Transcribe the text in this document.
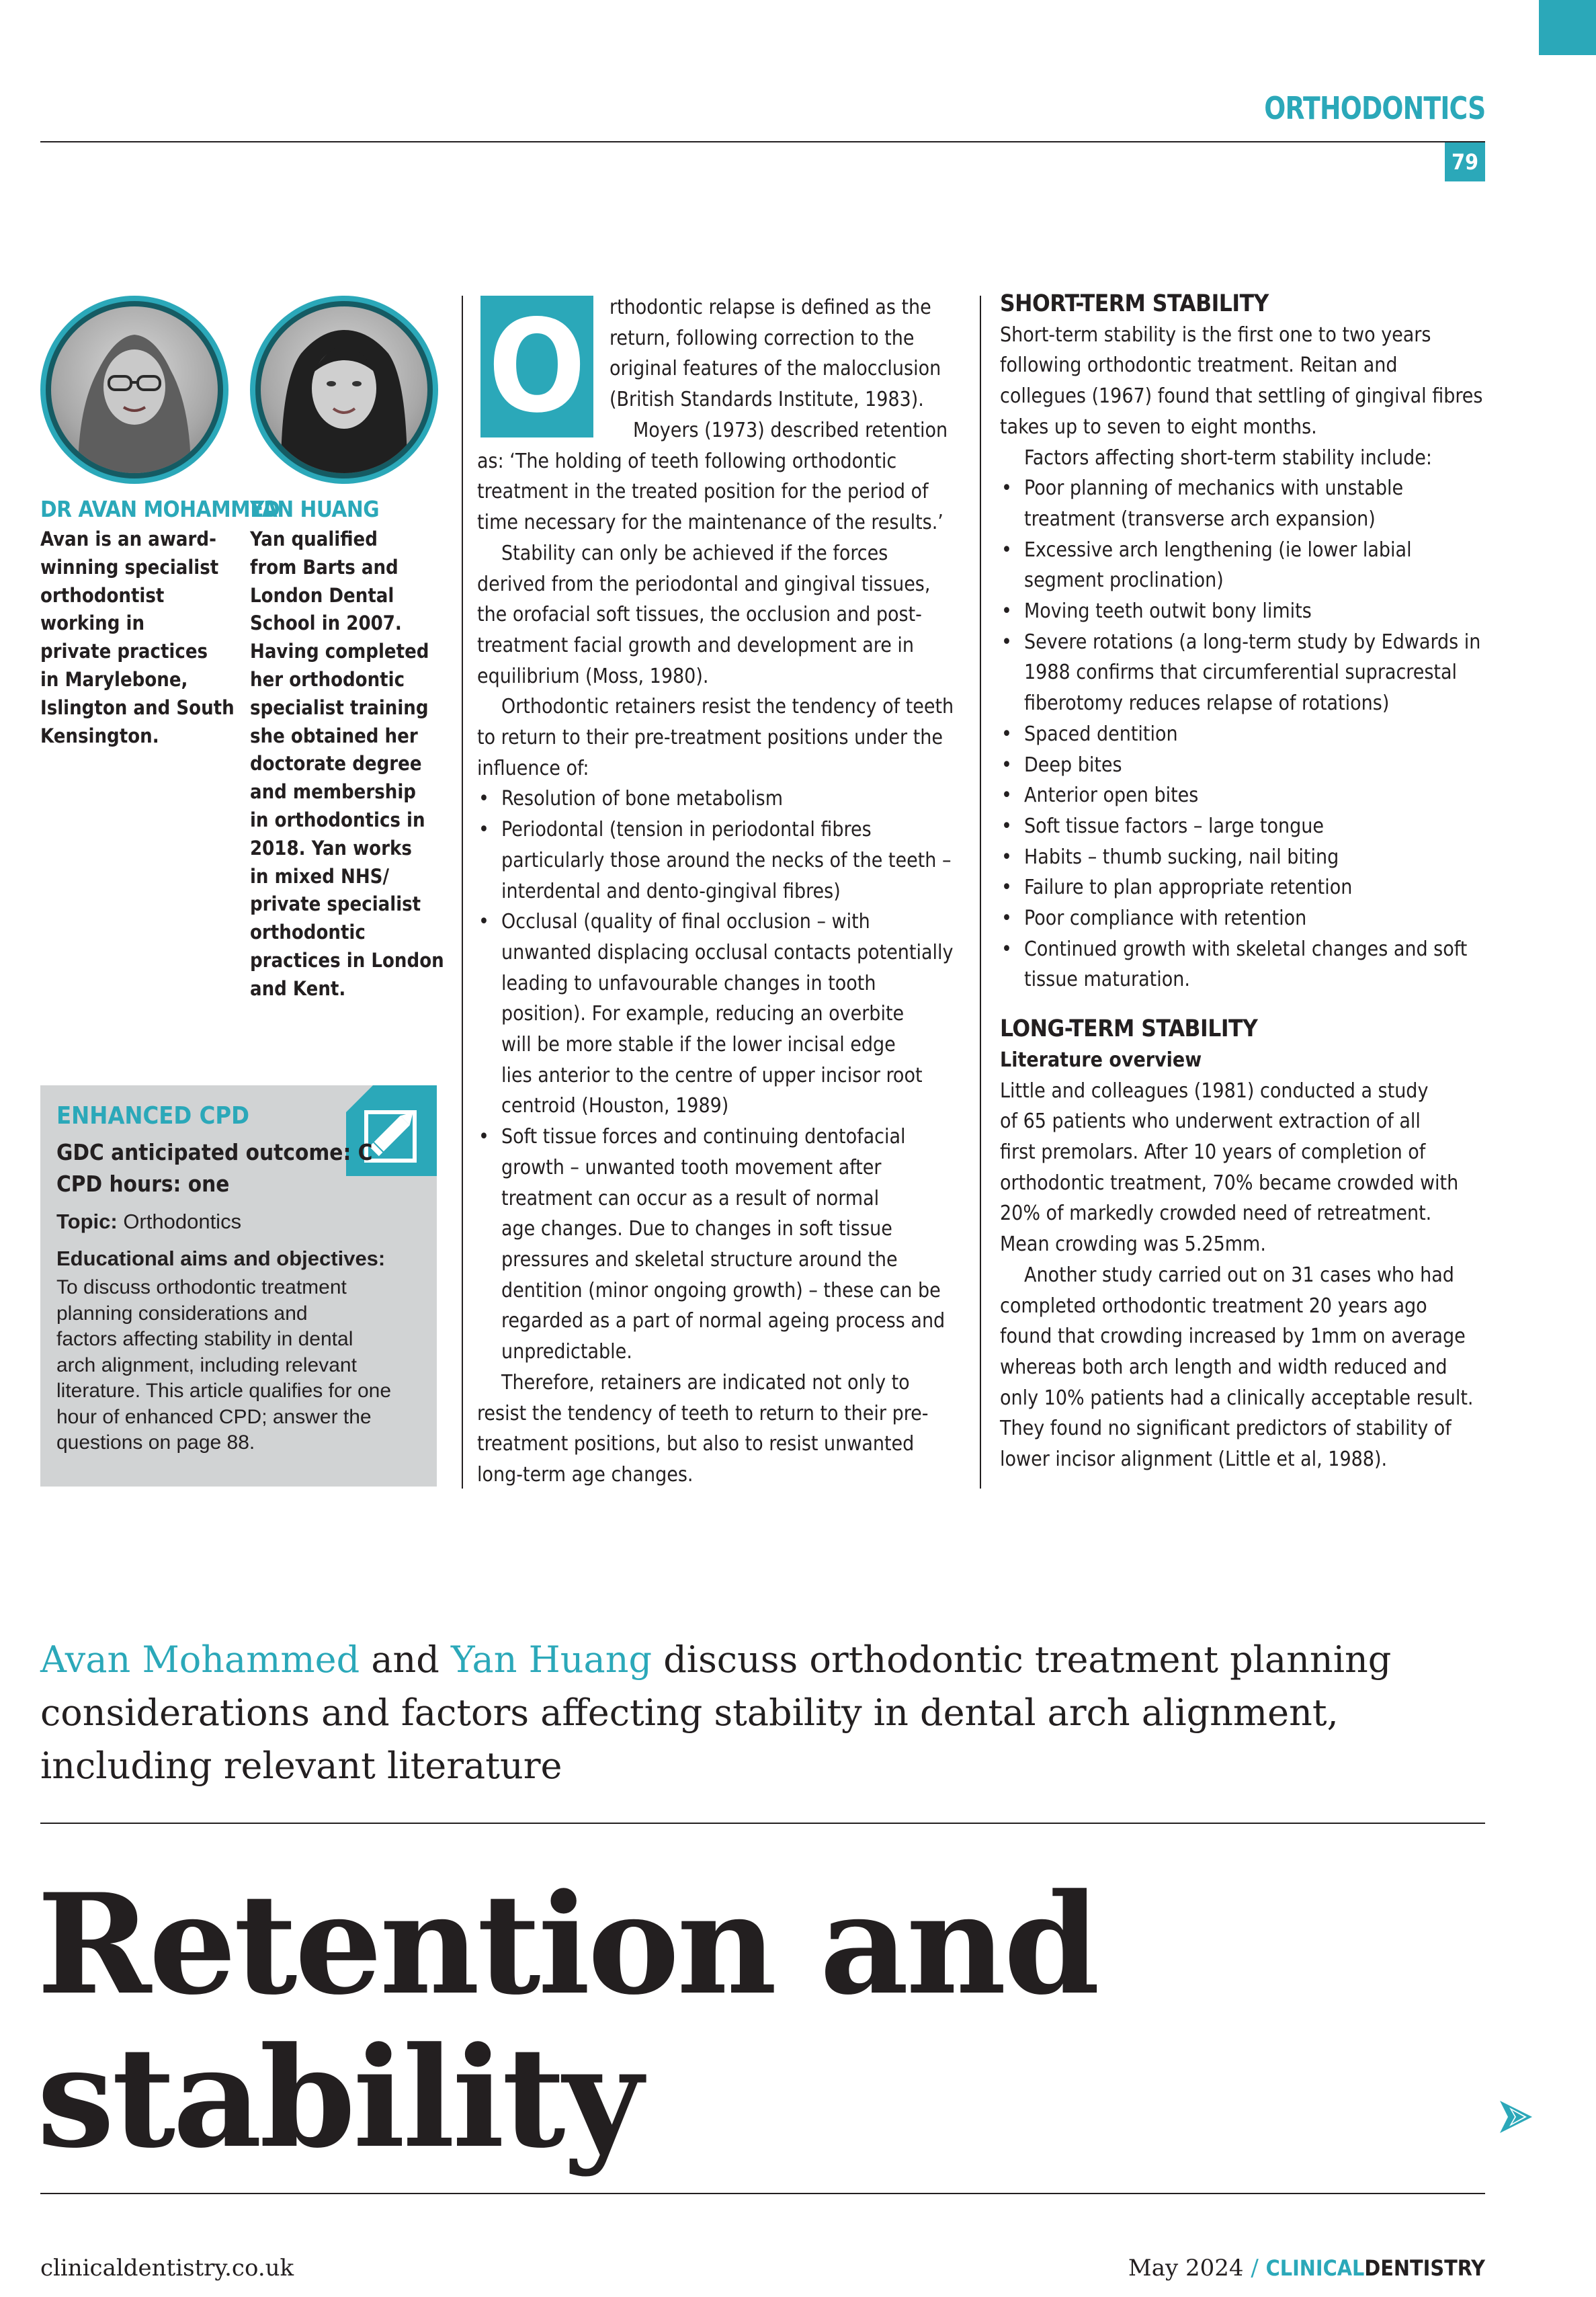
ORTHODONTICS
79
DR AVAN MOHAMMED
Avan is an award-
winning specialist
orthodontist
working in
private practices
in Marylebone,
Islington and South
Kensington.
YAN HUANG
Yan qualified
from Barts and
London Dental
School in 2007.
Having completed
her orthodontic
specialist training
she obtained her
doctorate degree
and membership
in orthodontics in
2018. Yan works
in mixed NHS/
private specialist
orthodontic
practices in London
and Kent.
ENHANCED CPD
GDC anticipated outcome: C
CPD hours: one
Topic: Orthodontics
Educational aims and objectives:
To discuss orthodontic treatment
planning considerations and
factors affecting stability in dental
arch alignment, including relevant
literature. This article qualifies for one
hour of enhanced CPD; answer the
questions on page 88.
O	rthodontic relapse is defined as the
return, following correction to the
original features of the malocclusion
(British Standards Institute, 1983).
Moyers (1973) described retention
as: ‘The holding of teeth following orthodontic
treatment in the treated position for the period of
time necessary for the maintenance of the results.’
Stability can only be achieved if the forces
derived from the periodontal and gingival tissues,
the orofacial soft tissues, the occlusion and post-
treatment facial growth and development are in
equilibrium (Moss, 1980).
Orthodontic retainers resist the tendency of teeth
to return to their pre-treatment positions under the
influence of:
• Resolution of bone metabolism
• Periodontal (tension in periodontal fibres
particularly those around the necks of the teeth –
interdental and dento-gingival fibres)
• Occlusal (quality of final occlusion – with
unwanted displacing occlusal contacts potentially
leading to unfavourable changes in tooth
position). For example, reducing an overbite
will be more stable if the lower incisal edge
lies anterior to the centre of upper incisor root
centroid (Houston, 1989)
• Soft tissue forces and continuing dentofacial
growth – unwanted tooth movement after
treatment can occur as a result of normal
age changes. Due to changes in soft tissue
pressures and skeletal structure around the
dentition (minor ongoing growth) – these can be
regarded as a part of normal ageing process and
unpredictable.
Therefore, retainers are indicated not only to
resist the tendency of teeth to return to their pre-
treatment positions, but also to resist unwanted
long-term age changes.
SHORT-TERM STABILITY
Short-term stability is the first one to two years
following orthodontic treatment. Reitan and
collegues (1967) found that settling of gingival fibres
takes up to seven to eight months.
Factors affecting short-term stability include:
• Poor planning of mechanics with unstable
treatment (transverse arch expansion)
• Excessive arch lengthening (ie lower labial
segment proclination)
• Moving teeth outwit bony limits
• Severe rotations (a long-term study by Edwards in
1988 confirms that circumferential supracrestal
fiberotomy reduces relapse of rotations)
• Spaced dentition
• Deep bites
• Anterior open bites
• Soft tissue factors – large tongue
• Habits – thumb sucking, nail biting
• Failure to plan appropriate retention
• Poor compliance with retention
• Continued growth with skeletal changes and soft
tissue maturation.
LONG-TERM STABILITY
Literature overview
Little and colleagues (1981) conducted a study
of 65 patients who underwent extraction of all
first premolars. After 10 years of completion of
orthodontic treatment, 70% became crowded with
20% of markedly crowded need of retreatment.
Mean crowding was 5.25mm.
Another study carried out on 31 cases who had
completed orthodontic treatment 20 years ago
found that crowding increased by 1mm on average
whereas both arch length and width reduced and
only 10% patients had a clinically acceptable result.
They found no significant predictors of stability of
lower incisor alignment (Little et al, 1988).
Avan Mohammed and Yan Huang discuss orthodontic treatment planning
considerations and factors affecting stability in dental arch alignment,
including relevant literature
Retention and
stability
clinicaldentistry.co.uk	May 2024 / CLINICALDENTISTRY
